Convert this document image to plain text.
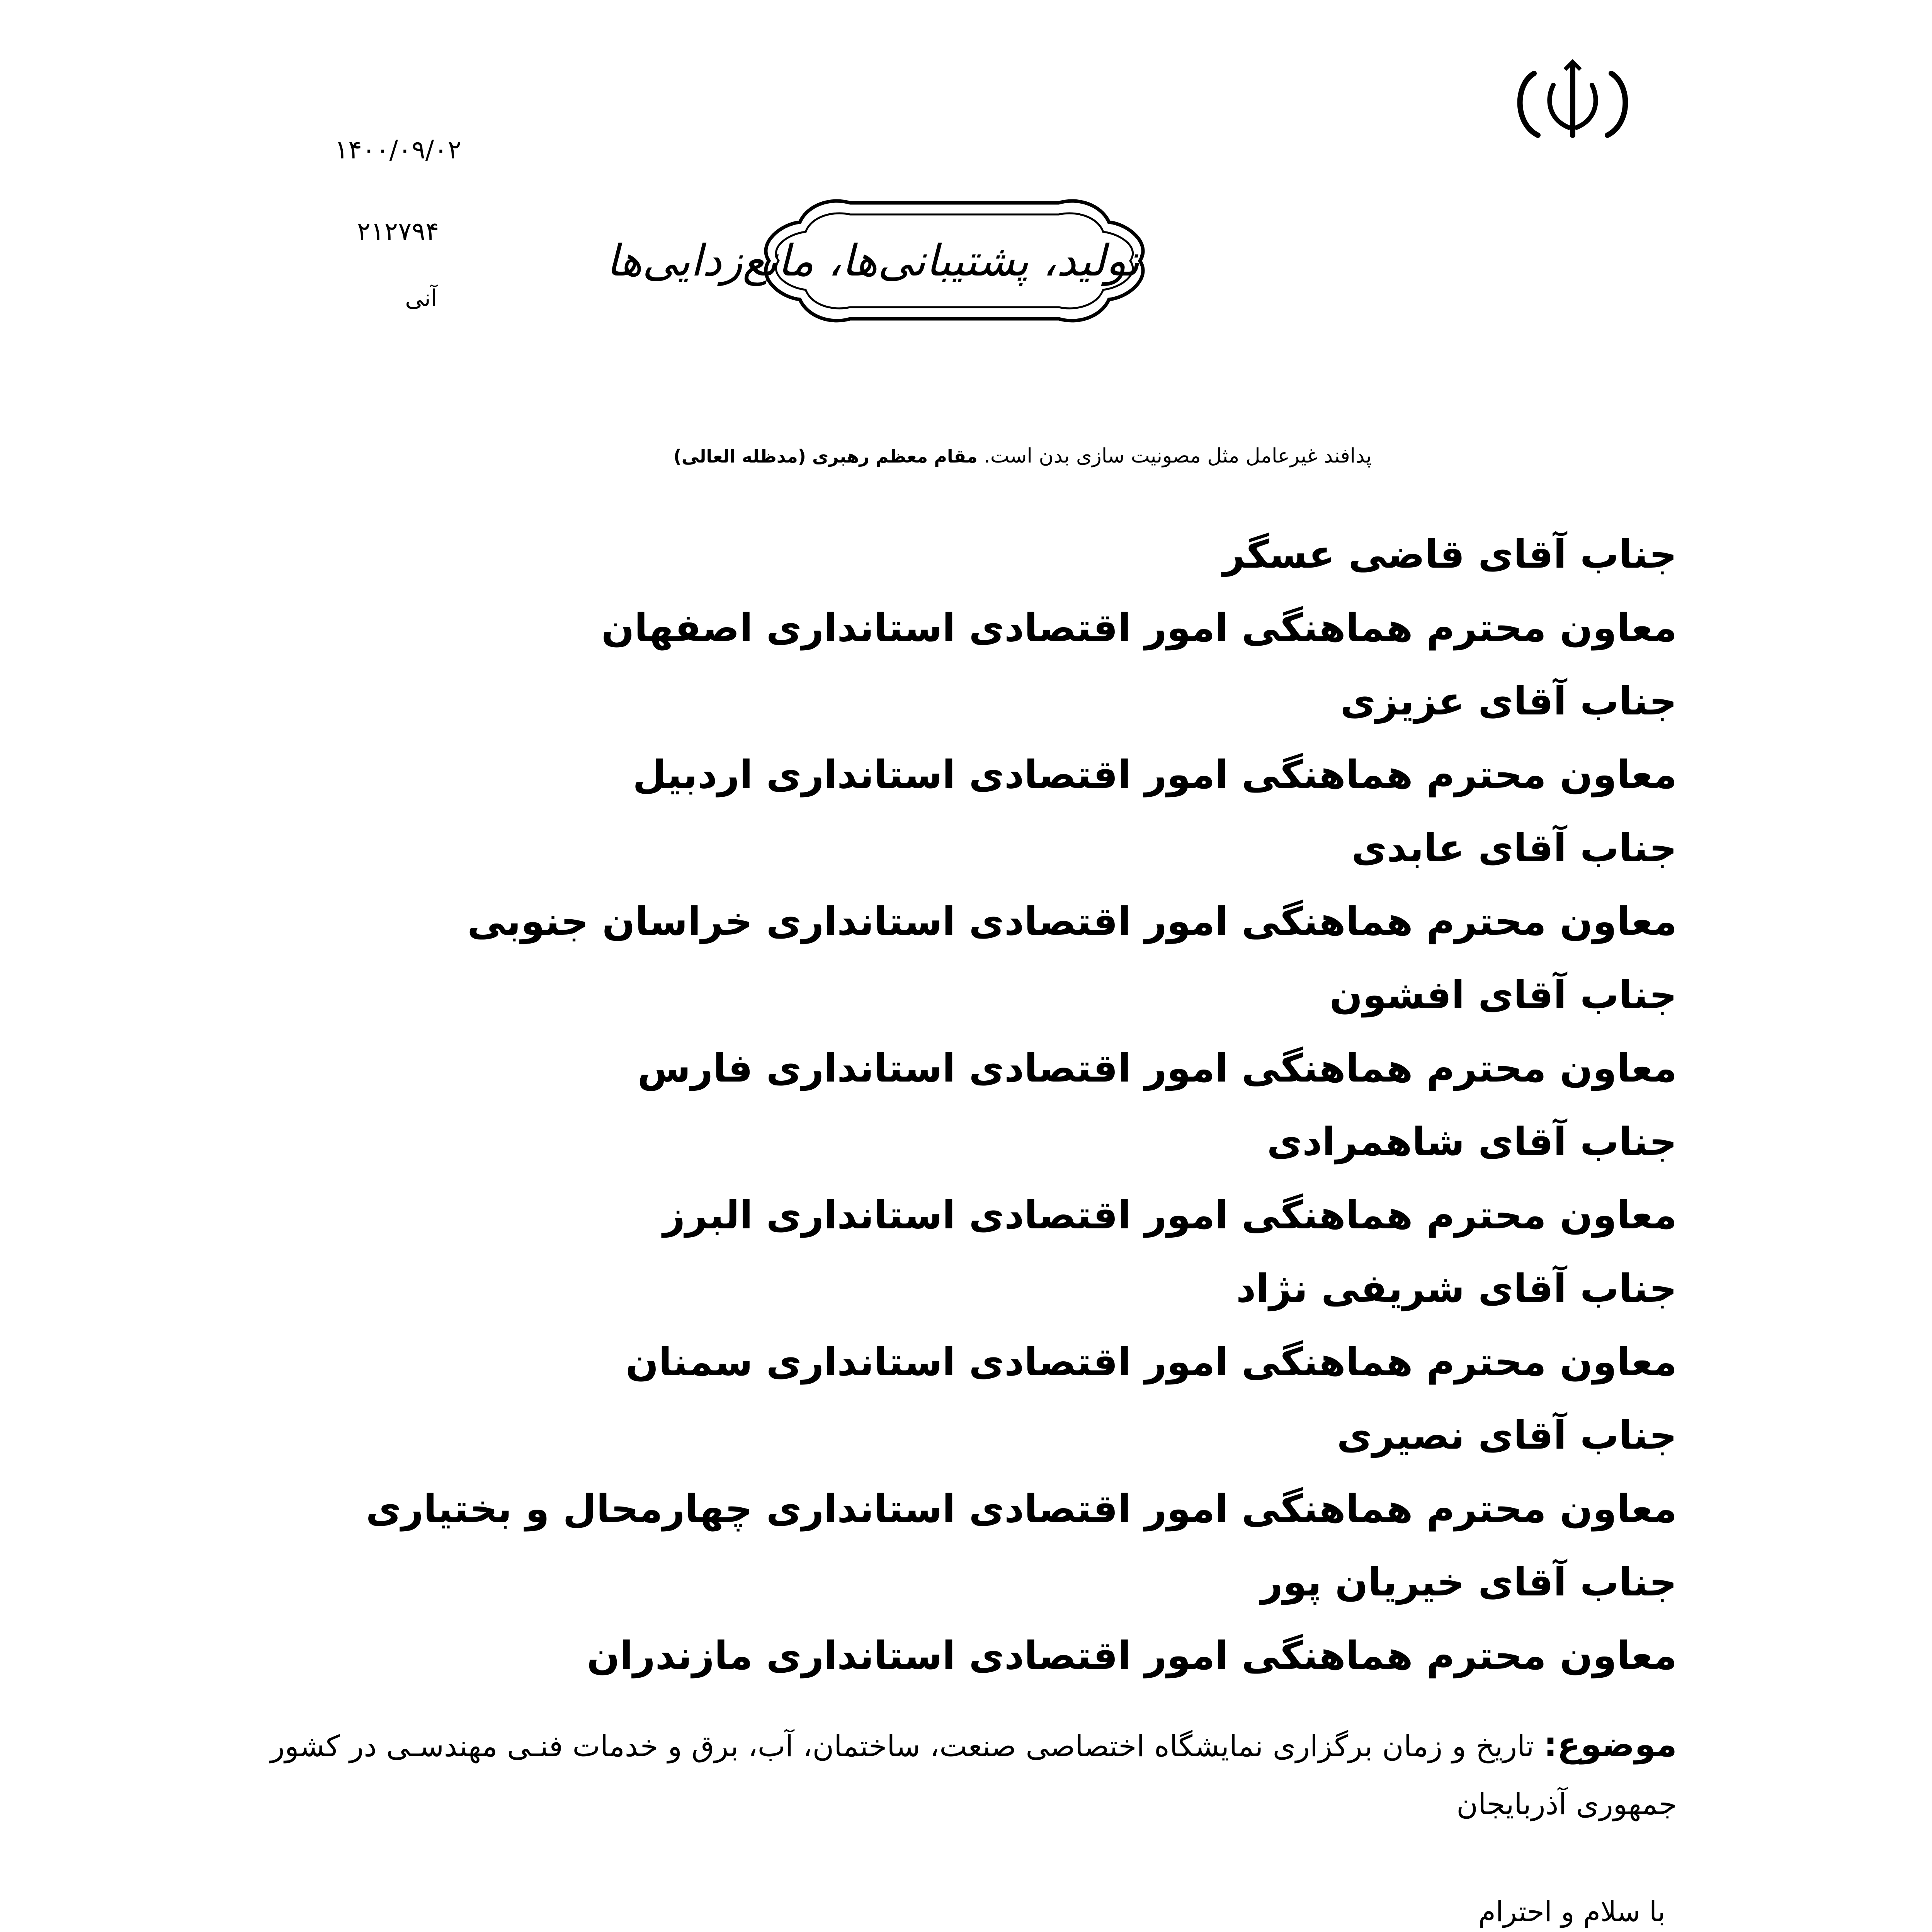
۱۴۰۰/۰۹/۰۲
۲۱۲۷۹۴
آنی
تولید، پشتیبانی‌ها، مانع‌زدایی‌ها
پدافند غیرعامل مثل مصونیت سازی بدن است. مقام معظم رهبری (مدظله العالی)
جناب آقای قاضی عسگر
معاون محترم هماهنگی امور اقتصادی استانداری اصفهان
جناب آقای عزیزی
معاون محترم هماهنگی امور اقتصادی استانداری اردبیل
جناب آقای عابدی
معاون محترم هماهنگی امور اقتصادی استانداری خراسان جنوبی
جناب آقای افشون
معاون محترم هماهنگی امور اقتصادی استانداری فارس
جناب آقای شاهمرادی
معاون محترم هماهنگی امور اقتصادی استانداری البرز
جناب آقای شریفی نژاد
معاون محترم هماهنگی امور اقتصادی استانداری سمنان
جناب آقای نصیری
معاون محترم هماهنگی امور اقتصادی استانداری چهارمحال و بختیاری
جناب آقای خیریان پور
معاون محترم هماهنگی امور اقتصادی استانداری مازندران
موضوع: تاریخ و زمان برگزاری نمایشگاه اختصاصی صنعت، ساختمان، آب، برق و خدمات فنـی مهندسـی در کشور جمهوری آذربایجان
با سلام و احترام
